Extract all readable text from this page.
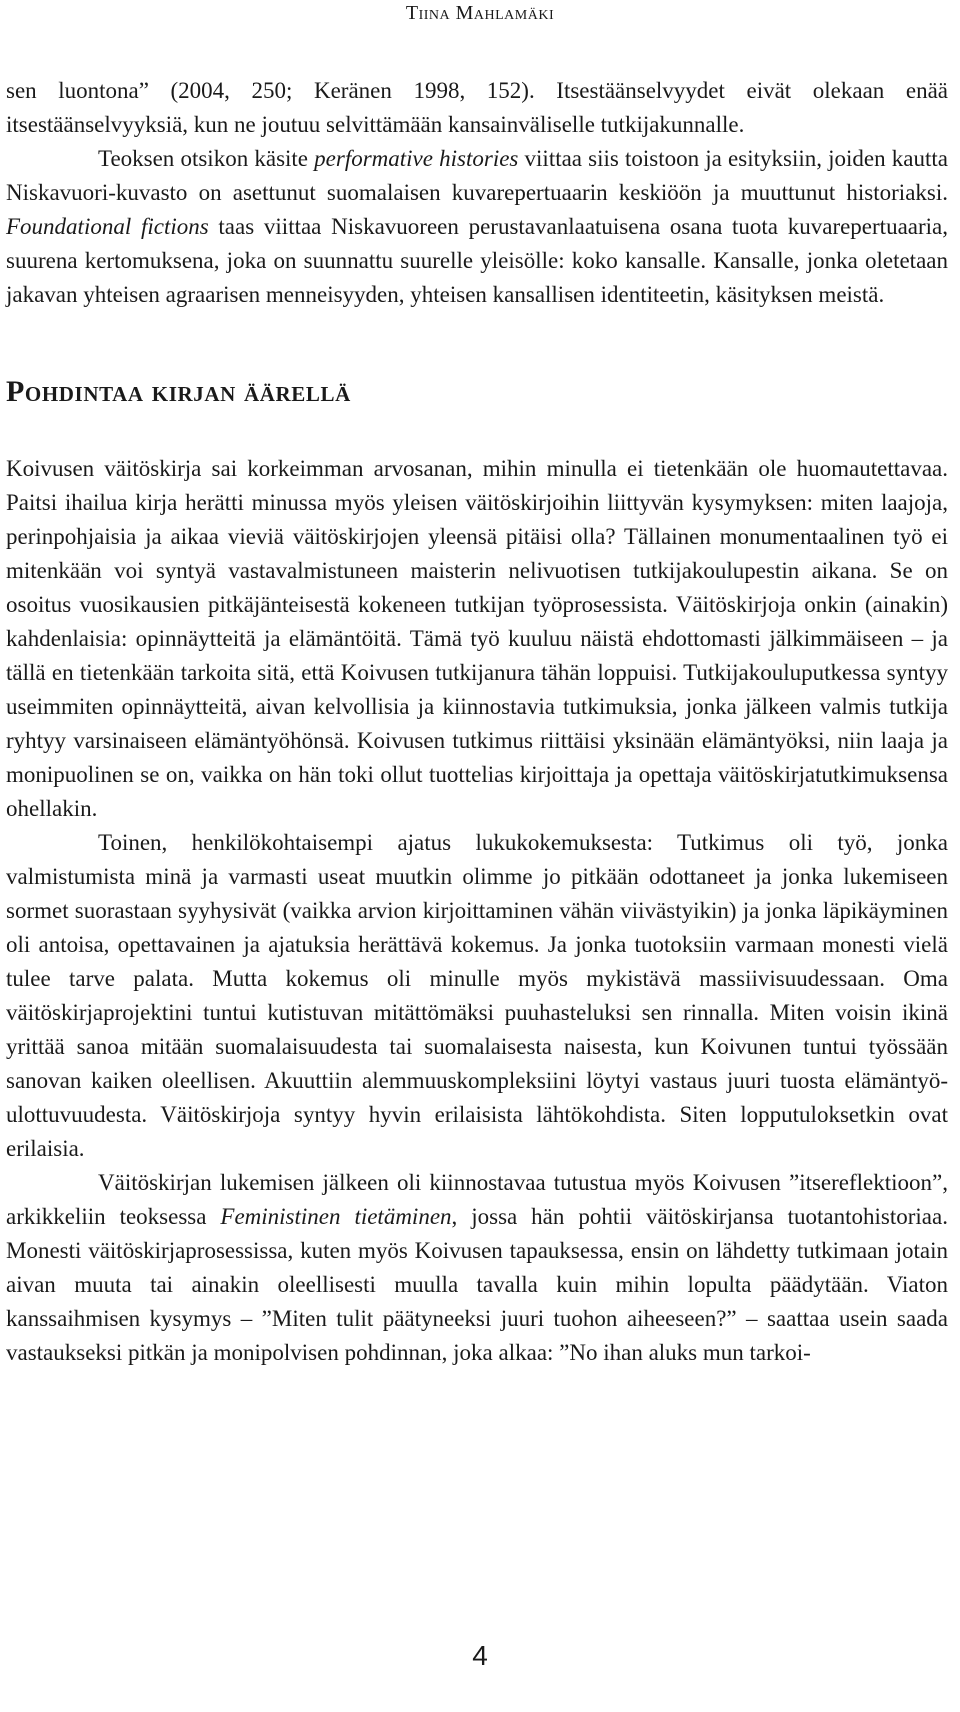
Tiina Mahlamäki

sen luontona” (2004, 250; Keränen 1998, 152). Itsestäänselvyydet eivät olekaan enää itsestäänselvyyksiä, kun ne joutuu selvittämään kansainväliselle tutkijakunnalle.

Teoksen otsikon käsite performative histories viittaa siis toistoon ja esityksiin, joiden kautta Niskavuori-kuvasto on asettunut suomalaisen kuvarepertuaarin keskiöön ja muuttunut historiaksi. Foundational fictions taas viittaa Niskavuoreen perustavanlaatuisena osana tuota kuvarepertuaaria, suurena kertomuksena, joka on suunnattu suurelle yleisölle: koko kansalle. Kansalle, jonka oletetaan jakavan yhteisen agraarisen menneisyyden, yhteisen kansallisen identiteetin, käsityksen meistä.

Pohdintaa kirjan äärellä

Koivusen väitöskirja sai korkeimman arvosanan, mihin minulla ei tietenkään ole huomautettavaa. Paitsi ihailua kirja herätti minussa myös yleisen väitöskirjoihin liittyvän kysymyksen: miten laajoja, perinpohjaisia ja aikaa vieviä väitöskirjojen yleensä pitäisi olla? Tällainen monumentaalinen työ ei mitenkään voi syntyä vastavalmistuneen maisterin nelivuotisen tutkijakoulupestin aikana. Se on osoitus vuosikausien pitkäjänteisestä kokeneen tutkijan työprosessista. Väitöskirjoja onkin (ainakin) kahdenlaisia: opinnäytteitä ja elämäntöitä. Tämä työ kuuluu näistä ehdottomasti jälkimmäiseen – ja tällä en tietenkään tarkoita sitä, että Koivusen tutkijanura tähän loppuisi. Tutkijakouluputkessa syntyy useimmiten opinnäytteitä, aivan kelvollisia ja kiinnostavia tutkimuksia, jonka jälkeen valmis tutkija ryhtyy varsinaiseen elämäntyöhönsä. Koivusen tutkimus riittäisi yksinään elämäntyöksi, niin laaja ja monipuolinen se on, vaikka on hän toki ollut tuottelias kirjoittaja ja opettaja väitöskirjatutkimuksensa ohellakin.

Toinen, henkilökohtaisempi ajatus lukukokemuksesta: Tutkimus oli työ, jonka valmistumista minä ja varmasti useat muutkin olimme jo pitkään odottaneet ja jonka lukemiseen sormet suorastaan syyhysivät (vaikka arvion kirjoittaminen vähän viivästyikin) ja jonka läpikäyminen oli antoisa, opettavainen ja ajatuksia herättävä kokemus. Ja jonka tuotoksiin varmaan monesti vielä tulee tarve palata. Mutta kokemus oli minulle myös mykistävä massiivisuudessaan. Oma väitöskirjaprojektini tuntui kutistuvan mitättömäksi puuhasteluksi sen rinnalla. Miten voisin ikinä yrittää sanoa mitään suomalaisuudesta tai suomalaisesta naisesta, kun Koivunen tuntui työssään sanovan kaiken oleellisen. Akuuttiin alemmuuskompleksiini löytyi vastaus juuri tuosta elämäntyö-ulottuvuudesta. Väitöskirjoja syntyy hyvin erilaisista lähtökohdista. Siten lopputuloksetkin ovat erilaisia.

Väitöskirjan lukemisen jälkeen oli kiinnostavaa tutustua myös Koivusen ”itsereflektioon”, arkikkeliin teoksessa Feministinen tietäminen, jossa hän pohtii väitöskirjansa tuotantohistoriaa. Monesti väitöskirjaprosessissa, kuten myös Koivusen tapauksessa, ensin on lähdetty tutkimaan jotain aivan muuta tai ainakin oleellisesti muulla tavalla kuin mihin lopulta päädytään. Viaton kanssaihmisen kysymys – ”Miten tulit päätyneeksi juuri tuohon aiheeseen?” – saattaa usein saada vastaukseksi pitkän ja monipolvisen pohdinnan, joka alkaa: ”No ihan aluks mun tarkoi-

4
